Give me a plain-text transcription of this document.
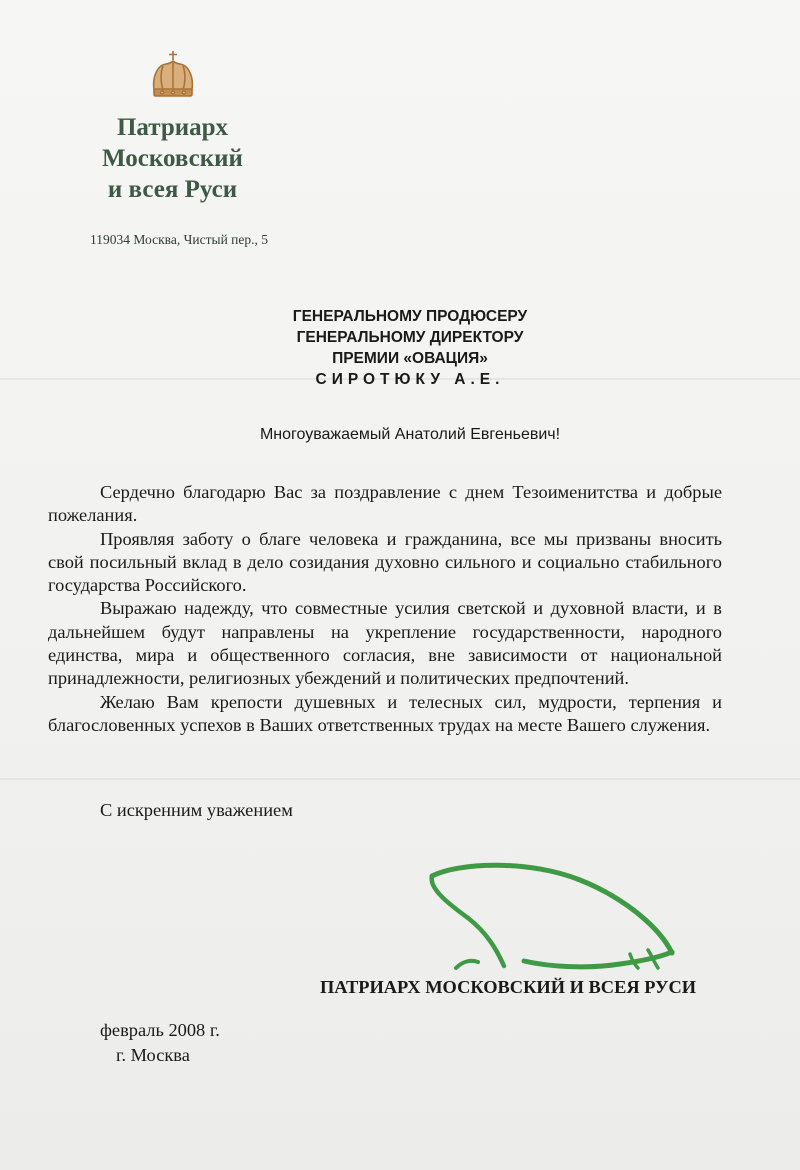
Патриарх
Московский
и всея Руси
119034 Москва, Чистый пер., 5
ГЕНЕРАЛЬНОМУ ПРОДЮСЕРУ
ГЕНЕРАЛЬНОМУ ДИРЕКТОРУ
ПРЕМИИ «ОВАЦИЯ»
СИРОТЮКУ А.Е.
Многоуважаемый Анатолий Евгеньевич!

Сердечно благодарю Вас за поздравление с днем Тезоименитства и добрые пожелания.

Проявляя заботу о благе человека и гражданина, все мы призваны вносить свой посильный вклад в дело созидания духовно сильного и социально стабильного государства Российского.

Выражаю надежду, что совместные усилия светской и духовной власти, и в дальнейшем будут направлены на укрепление государственности, народного единства, мира и общественного согласия, вне зависимости от национальной принадлежности, религиозных убеждений и политических предпочтений.

Желаю Вам крепости душевных и телесных сил, мудрости, терпения и благословенных успехов в Ваших ответственных трудах на месте Вашего служения.

С искренним уважением
ПАТРИАРХ МОСКОВСКИЙ И ВСЕЯ РУСИ
февраль 2008 г.
г. Москва
